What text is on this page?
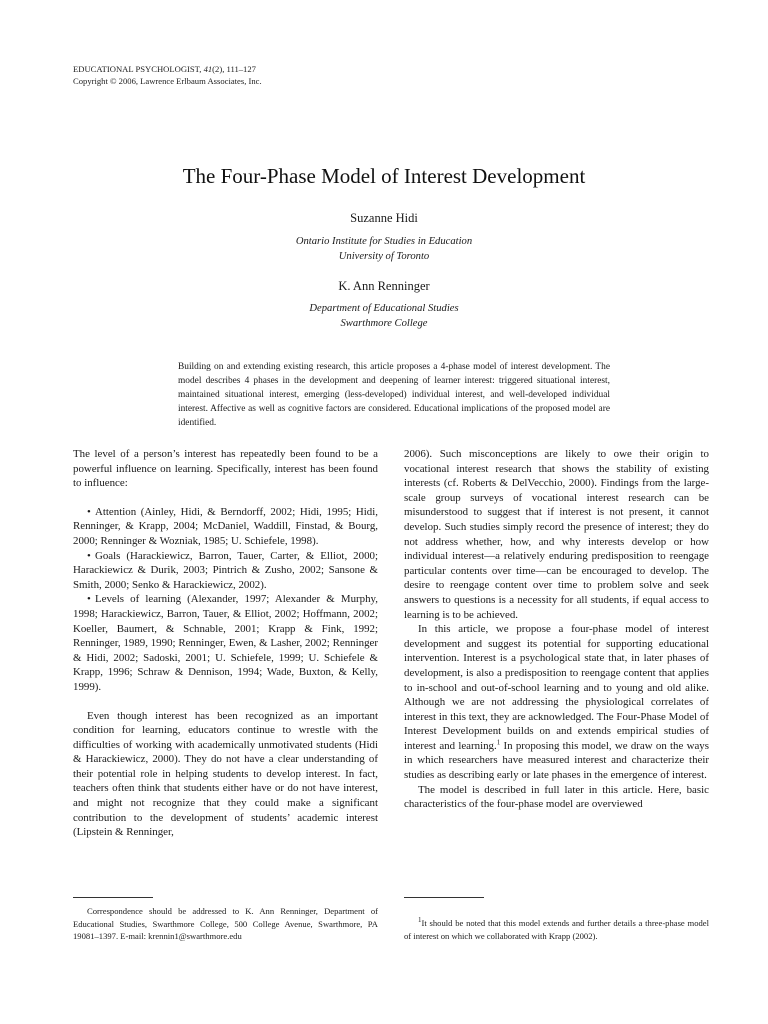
EDUCATIONAL PSYCHOLOGIST, 41(2), 111–127
Copyright © 2006, Lawrence Erlbaum Associates, Inc.
The Four-Phase Model of Interest Development
Suzanne Hidi
Ontario Institute for Studies in Education
University of Toronto
K. Ann Renninger
Department of Educational Studies
Swarthmore College
Building on and extending existing research, this article proposes a 4-phase model of interest development. The model describes 4 phases in the development and deepening of learner interest: triggered situational interest, maintained situational interest, emerging (less-developed) individual interest, and well-developed individual interest. Affective as well as cognitive factors are considered. Educational implications of the proposed model are identified.

The level of a person’s interest has repeatedly been found to be a powerful influence on learning. Specifically, interest has been found to influence:

• Attention (Ainley, Hidi, & Berndorff, 2002; Hidi, 1995; Hidi, Renninger, & Krapp, 2004; McDaniel, Waddill, Finstad, & Bourg, 2000; Renninger & Wozniak, 1985; U. Schiefele, 1998).

• Goals (Harackiewicz, Barron, Tauer, Carter, & Elliot, 2000; Harackiewicz & Durik, 2003; Pintrich & Zusho, 2002; Sansone & Smith, 2000; Senko & Harackiewicz, 2002).

• Levels of learning (Alexander, 1997; Alexander & Murphy, 1998; Harackiewicz, Barron, Tauer, & Elliot, 2002; Hoffmann, 2002; Koeller, Baumert, & Schnable, 2001; Krapp & Fink, 1992; Renninger, 1989, 1990; Renninger, Ewen, & Lasher, 2002; Renninger & Hidi, 2002; Sadoski, 2001; U. Schiefele, 1999; U. Schiefele & Krapp, 1996; Schraw & Dennison, 1994; Wade, Buxton, & Kelly, 1999).

Even though interest has been recognized as an important condition for learning, educators continue to wrestle with the difficulties of working with academically unmotivated students (Hidi & Harackiewicz, 2000). They do not have a clear understanding of their potential role in helping students to develop interest. In fact, teachers often think that students either have or do not have interest, and might not recognize that they could make a significant contribution to the development of students’ academic interest (Lipstein & Renninger,

2006). Such misconceptions are likely to owe their origin to vocational interest research that shows the stability of existing interests (cf. Roberts & DelVecchio, 2000). Findings from the large-scale group surveys of vocational interest research can be misunderstood to suggest that if interest is not present, it cannot develop. Such studies simply record the presence of interest; they do not address whether, how, and why interests develop or how individual interest—a relatively enduring predisposition to reengage particular contents over time—can be encouraged to develop. The desire to reengage content over time to problem solve and seek answers to questions is a necessity for all students, if equal access to learning is to be achieved.

In this article, we propose a four-phase model of interest development and suggest its potential for supporting educational intervention. Interest is a psychological state that, in later phases of development, is also a predisposition to reengage content that applies to in-school and out-of-school learning and to young and old alike. Although we are not addressing the physiological correlates of interest in this text, they are acknowledged. The Four-Phase Model of Interest Development builds on and extends empirical studies of interest and learning.$^1$ In proposing this model, we draw on the ways in which researchers have measured interest and characterize their studies as describing early or late phases in the emergence of interest.

The model is described in full later in this article. Here, basic characteristics of the four-phase model are overviewed

Correspondence should be addressed to K. Ann Renninger, Department of Educational Studies, Swarthmore College, 500 College Avenue, Swarthmore, PA 19081–1397. E-mail: krennin1@swarthmore.edu

$^1$It should be noted that this model extends and further details a three-phase model of interest on which we collaborated with Krapp (2002).
